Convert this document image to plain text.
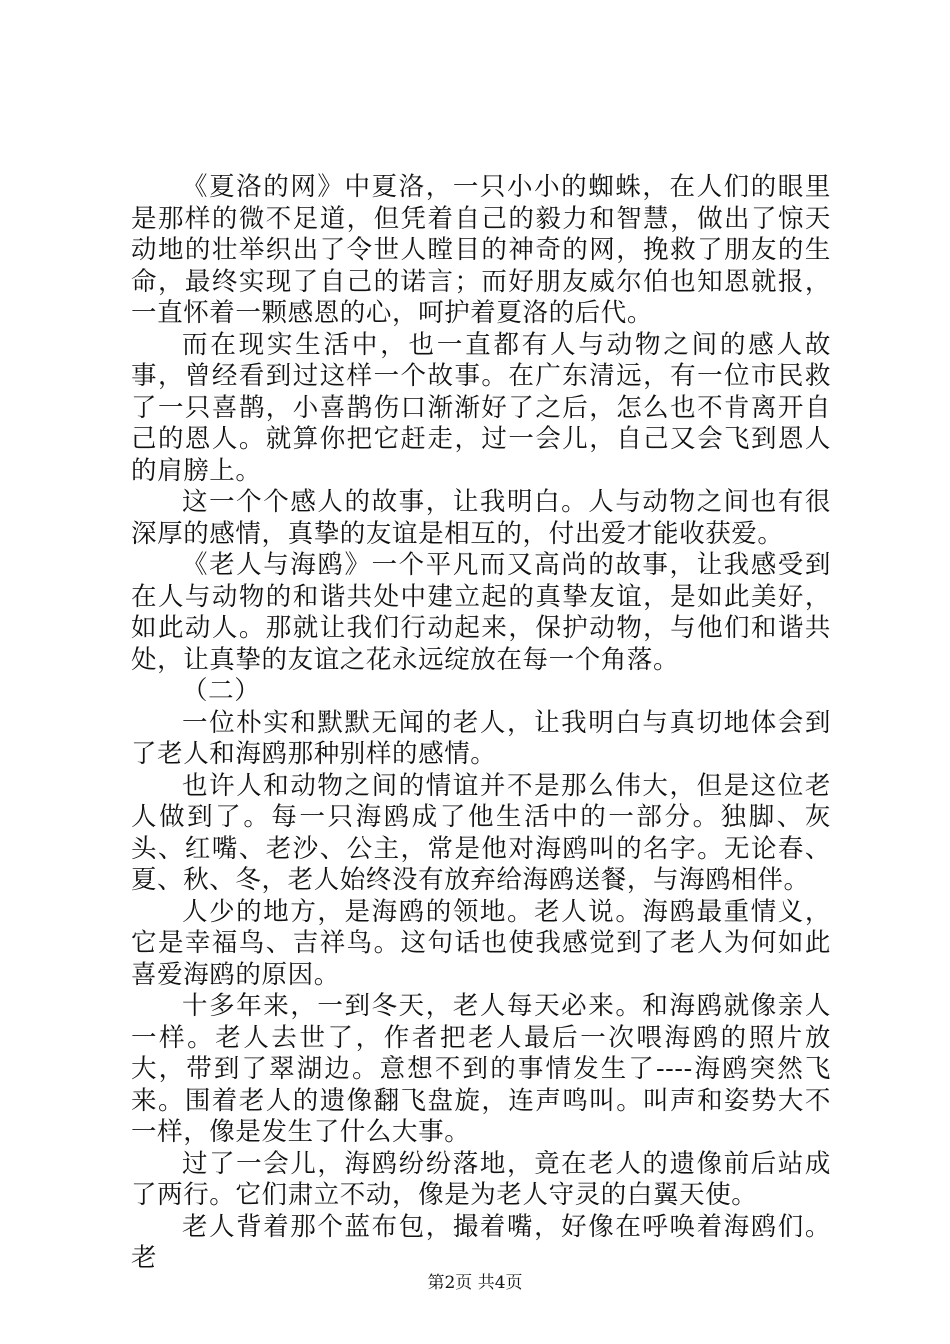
《夏洛的网》中夏洛，一只小小的蜘蛛，在人们的眼里是那样的微不足道，但凭着自己的毅力和智慧，做出了惊天动地的壮举织出了令世人瞠目的神奇的网，挽救了朋友的生命，最终实现了自己的诺言；而好朋友威尔伯也知恩就报，一直怀着一颗感恩的心，呵护着夏洛的后代。

而在现实生活中，也一直都有人与动物之间的感人故事，曾经看到过这样一个故事。在广东清远，有一位市民救了一只喜鹊，小喜鹊伤口渐渐好了之后，怎么也不肯离开自己的恩人。就算你把它赶走，过一会儿，自己又会飞到恩人的肩膀上。

这一个个感人的故事，让我明白。人与动物之间也有很深厚的感情，真挚的友谊是相互的，付出爱才能收获爱。

《老人与海鸥》一个平凡而又高尚的故事，让我感受到在人与动物的和谐共处中建立起的真挚友谊，是如此美好，如此动人。那就让我们行动起来，保护动物，与他们和谐共处，让真挚的友谊之花永远绽放在每一个角落。

（二）

一位朴实和默默无闻的老人，让我明白与真切地体会到了老人和海鸥那种别样的感情。

也许人和动物之间的情谊并不是那么伟大，但是这位老人做到了。每一只海鸥成了他生活中的一部分。独脚、灰头、红嘴、老沙、公主，常是他对海鸥叫的名字。无论春、夏、秋、冬，老人始终没有放弃给海鸥送餐，与海鸥相伴。

人少的地方，是海鸥的领地。老人说。海鸥最重情义，它是幸福鸟、吉祥鸟。这句话也使我感觉到了老人为何如此喜爱海鸥的原因。

十多年来，一到冬天，老人每天必来。和海鸥就像亲人一样。老人去世了，作者把老人最后一次喂海鸥的照片放大，带到了翠湖边。意想不到的事情发生了----海鸥突然飞来。围着老人的遗像翻飞盘旋，连声鸣叫。叫声和姿势大不一样，像是发生了什么大事。

过了一会儿，海鸥纷纷落地，竟在老人的遗像前后站成了两行。它们肃立不动，像是为老人守灵的白翼天使。

老人背着那个蓝布包，撮着嘴，好像在呼唤着海鸥们。老

第2页 共4页
